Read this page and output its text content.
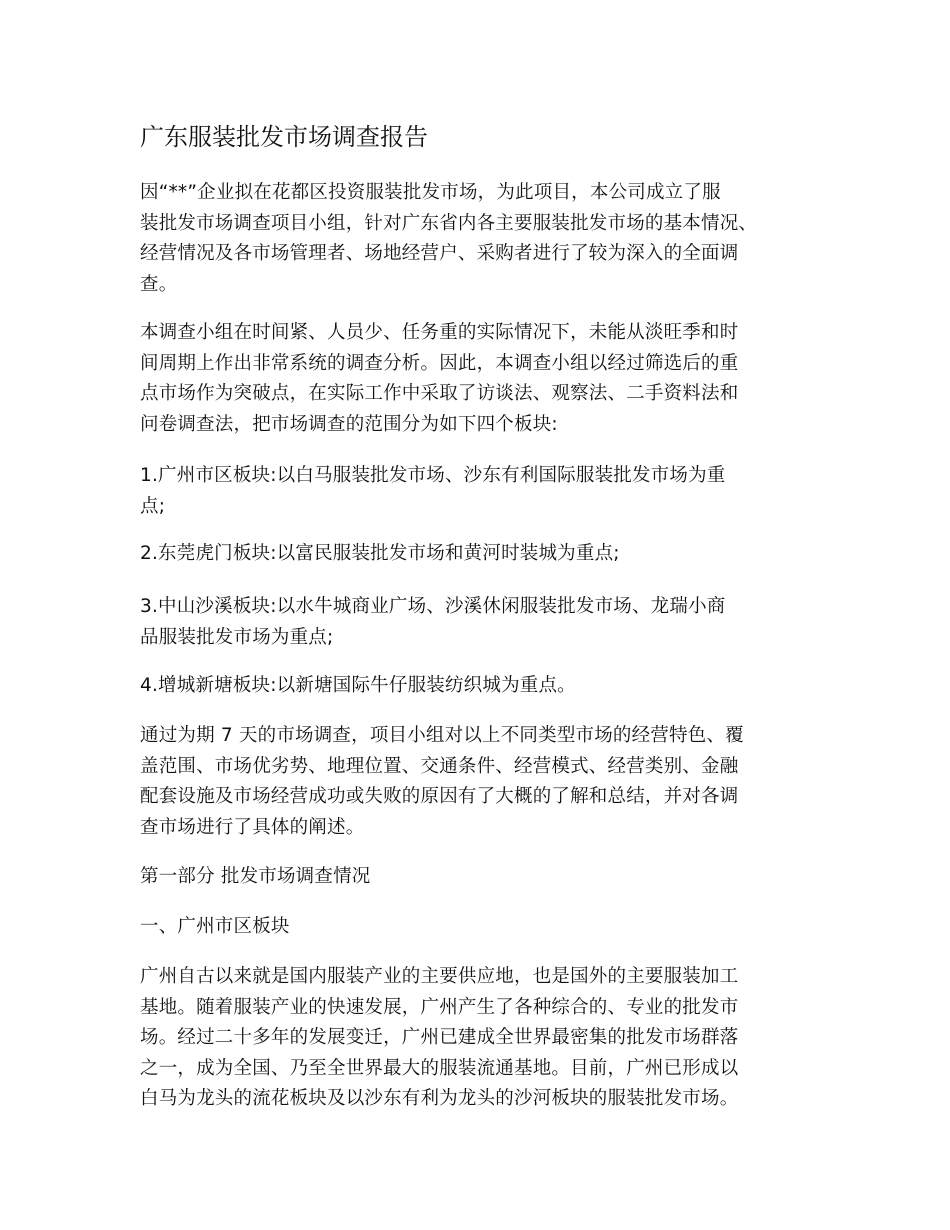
广东服装批发市场调查报告

因“**”企业拟在花都区投资服装批发市场，为此项目，本公司成立了服
装批发市场调查项目小组，针对广东省内各主要服装批发市场的基本情况、
经营情况及各市场管理者、场地经营户、采购者进行了较为深入的全面调
查。

本调查小组在时间紧、人员少、任务重的实际情况下，未能从淡旺季和时
间周期上作出非常系统的调查分析。因此，本调查小组以经过筛选后的重
点市场作为突破点，在实际工作中采取了访谈法、观察法、二手资料法和
问卷调查法，把市场调查的范围分为如下四个板块:

1.广州市区板块:以白马服装批发市场、沙东有利国际服装批发市场为重
点;

2.东莞虎门板块:以富民服装批发市场和黄河时装城为重点;

3.中山沙溪板块:以水牛城商业广场、沙溪休闲服装批发市场、龙瑞小商
品服装批发市场为重点;

4.增城新塘板块:以新塘国际牛仔服装纺织城为重点。

通过为期 7 天的市场调查，项目小组对以上不同类型市场的经营特色、覆
盖范围、市场优劣势、地理位置、交通条件、经营模式、经营类别、金融
配套设施及市场经营成功或失败的原因有了大概的了解和总结，并对各调
查市场进行了具体的阐述。

第一部分 批发市场调查情况

一、广州市区板块

广州自古以来就是国内服装产业的主要供应地，也是国外的主要服装加工
基地。随着服装产业的快速发展，广州产生了各种综合的、专业的批发市
场。经过二十多年的发展变迁，广州已建成全世界最密集的批发市场群落
之一，成为全国、乃至全世界最大的服装流通基地。目前，广州已形成以
白马为龙头的流花板块及以沙东有利为龙头的沙河板块的服装批发市场。
